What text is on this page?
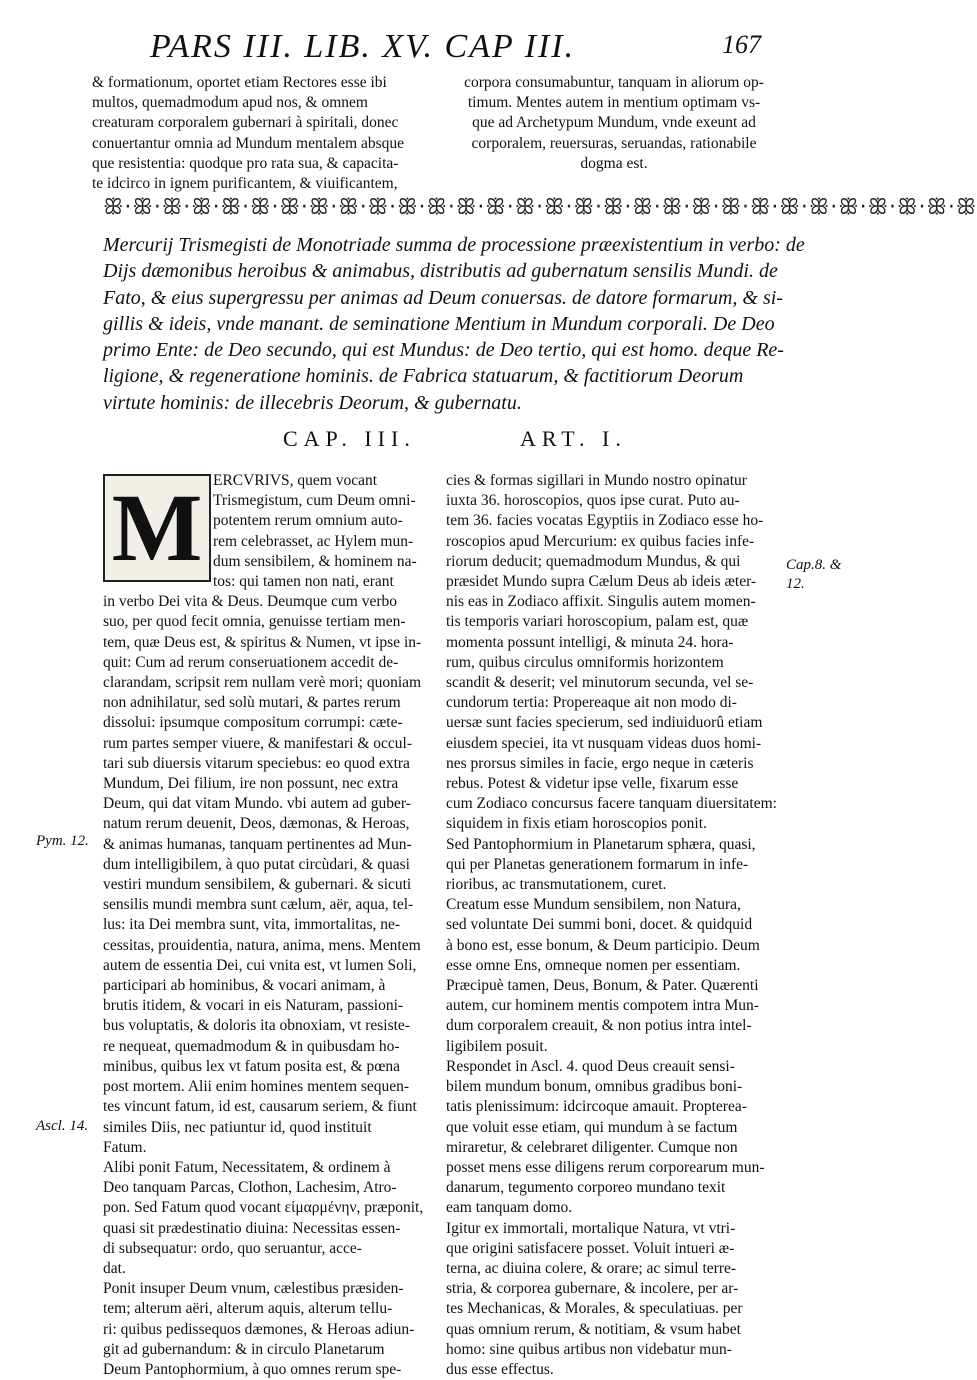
PARS III. LIB. XV. CAP III.	167
& formationum, oportet etiam Rectores esse ibi
multos, quemadmodum apud nos, & omnem
creaturam corporalem gubernari à spiritali, donec
conuertantur omnia ad Mundum mentalem absque
que resistentia: quodque pro rata sua, & capacita-
te idcirco in ignem purificantem, & viuificantem,
corpora consumabuntur, tanquam in aliorum op-
timum. Mentes autem in mentium optimam vs-
que ad Archetypum Mundum, vnde exeunt ad
corporalem, reuersuras, seruandas, rationabile
dogma est.
ꕥ·ꕥ·ꕥ·ꕥ·ꕥ·ꕥ·ꕥ·ꕥ·ꕥ·ꕥ·ꕥ·ꕥ·ꕥ·ꕥ·ꕥ·ꕥ·ꕥ·ꕥ·ꕥ·ꕥ·ꕥ·ꕥ·ꕥ·ꕥ·ꕥ·ꕥ·ꕥ·ꕥ·ꕥ·ꕥ
Mercurij Trismegisti de Monotriade summa de processione præexistentium in verbo: de
Dijs dæmonibus heroibus & animabus, distributis ad gubernatum sensilis Mundi. de
Fato, & eius supergressu per animas ad Deum conuersas. de datore formarum, & si-
gillis & ideis, vnde manant. de seminatione Mentium in Mundum corporali. De Deo
primo Ente: de Deo secundo, qui est Mundus: de Deo tertio, qui est homo. deque Re-
ligione, & regeneratione hominis. de Fabrica statuarum, & factitiorum Deorum
virtute hominis: de illecebris Deorum, & gubernatu.
CAP. III.	ART. I.
ERCVRIVS, quem vocant
Trismegistum, cum Deum omni-
potentem rerum omnium auto-
rem celebrasset, ac Hylem mun-
dum sensibilem, & hominem na-
tos: qui tamen non nati, erant
in verbo Dei vita & Deus. Deumque cum verbo
suo, per quod fecit omnia, genuisse tertiam men-
tem, quæ Deus est, & spiritus & Numen, vt ipse in-
quit: Cum ad rerum conseruationem accedit de-
clarandam, scripsit rem nullam verè mori; quoniam
non adnihilatur, sed solù mutari, & partes rerum
dissolui: ipsumque compositum corrumpi: cæte-
rum partes semper viuere, & manifestari & occul-
tari sub diuersis vitarum speciebus: eo quod extra
Mundum, Dei filium, ire non possunt, nec extra
Deum, qui dat vitam Mundo. vbi autem ad guber-
natum rerum deuenit, Deos, dæmonas, & Heroas,
& animas humanas, tanquam pertinentes ad Mun-
dum intelligibilem, à quo putat circùdari, & quasi
vestiri mundum sensibilem, & gubernari. & sicuti
sensilis mundi membra sunt cælum, aër, aqua, tel-
lus: ita Dei membra sunt, vita, immortalitas, ne-
cessitas, prouidentia, natura, anima, mens. Mentem
autem de essentia Dei, cui vnita est, vt lumen Soli,
participari ab hominibus, & vocari animam, à
brutis itidem, & vocari in eis Naturam, passioni-
bus voluptatis, & doloris ita obnoxiam, vt resiste-
re nequeat, quemadmodum & in quibusdam ho-
minibus, quibus lex vt fatum posita est, & pœna
post mortem. Alii enim homines mentem sequen-
tes vincunt fatum, id est, causarum seriem, & fiunt
similes Diis, nec patiuntur id, quod instituit
Fatum.
Alibi ponit Fatum, Necessitatem, & ordinem à
Deo tanquam Parcas, Clothon, Lachesim, Atro-
pon. Sed Fatum quod vocant εἱμαρμένην, præponit,
quasi sit prædestinatio diuina: Necessitas essen-
di subsequatur: ordo, quo seruantur, acce-
dat.
Ponit insuper Deum vnum, cælestibus præsiden-
tem; alterum aëri, alterum aquis, alterum tellu-
ri: quibus pedissequos dæmones, & Heroas adiun-
git ad gubernandum: & in circulo Planetarum
Deum Pantophormium, à quo omnes rerum spe-
M	cies & formas sigillari in Mundo nostro opinatur
iuxta 36. horoscopios, quos ipse curat. Puto au-
tem 36. facies vocatas Egyptiis in Zodiaco esse ho-
roscopios apud Mercurium: ex quibus facies infe-
riorum deducit; quemadmodum Mundus, & qui
præsidet Mundo supra Cælum Deus ab ideis æter-
nis eas in Zodiaco affixit. Singulis autem momen-
tis temporis variari horoscopium, palam est, quæ
momenta possunt intelligi, & minuta 24. hora-
rum, quibus circulus omniformis horizontem
scandit & deserit; vel minutorum secunda, vel se-
cundorum tertia: Propereaque ait non modo di-
uersæ sunt facies specierum, sed indiuiduorû etiam
eiusdem speciei, ita vt nusquam videas duos homi-
nes prorsus similes in facie, ergo neque in cæteris
rebus. Potest & videtur ipse velle, fixarum esse
cum Zodiaco concursus facere tanquam diuersitatem:
siquidem in fixis etiam horoscopios ponit.
Sed Pantophormium in Planetarum sphæra, quasi,
qui per Planetas generationem formarum in infe-
rioribus, ac transmutationem, curet.
Creatum esse Mundum sensibilem, non Natura,
sed voluntate Dei summi boni, docet. & quidquid
à bono est, esse bonum, & Deum participio. Deum
esse omne Ens, omneque nomen per essentiam.
Præcipuè tamen, Deus, Bonum, & Pater. Quærenti
autem, cur hominem mentis compotem intra Mun-
dum corporalem creauit, & non potius intra intel-
ligibilem posuit.
Respondet in Ascl. 4. quod Deus creauit sensi-
bilem mundum bonum, omnibus gradibus boni-
tatis plenissimum: idcircoque amauit. Propterea-
que voluit esse etiam, qui mundum à se factum
miraretur, & celebraret diligenter. Cumque non
posset mens esse diligens rerum corporearum mun-
danarum, tegumento corporeo mundano texit
eam tanquam domo.
Igitur ex immortali, mortalique Natura, vt vtri-
que origini satisfacere posset. Voluit intueri æ-
terna, ac diuina colere, & orare; ac simul terre-
stria, & corporea gubernare, & incolere, per ar-
tes Mechanicas, & Morales, & speculatiuas. per
quas omnium rerum, & notitiam, & vsum habet
homo: sine quibus artibus non videbatur mun-
dus esse effectus.
Pym. 12.
Ascl. 14.
Cap.8. &
12.
